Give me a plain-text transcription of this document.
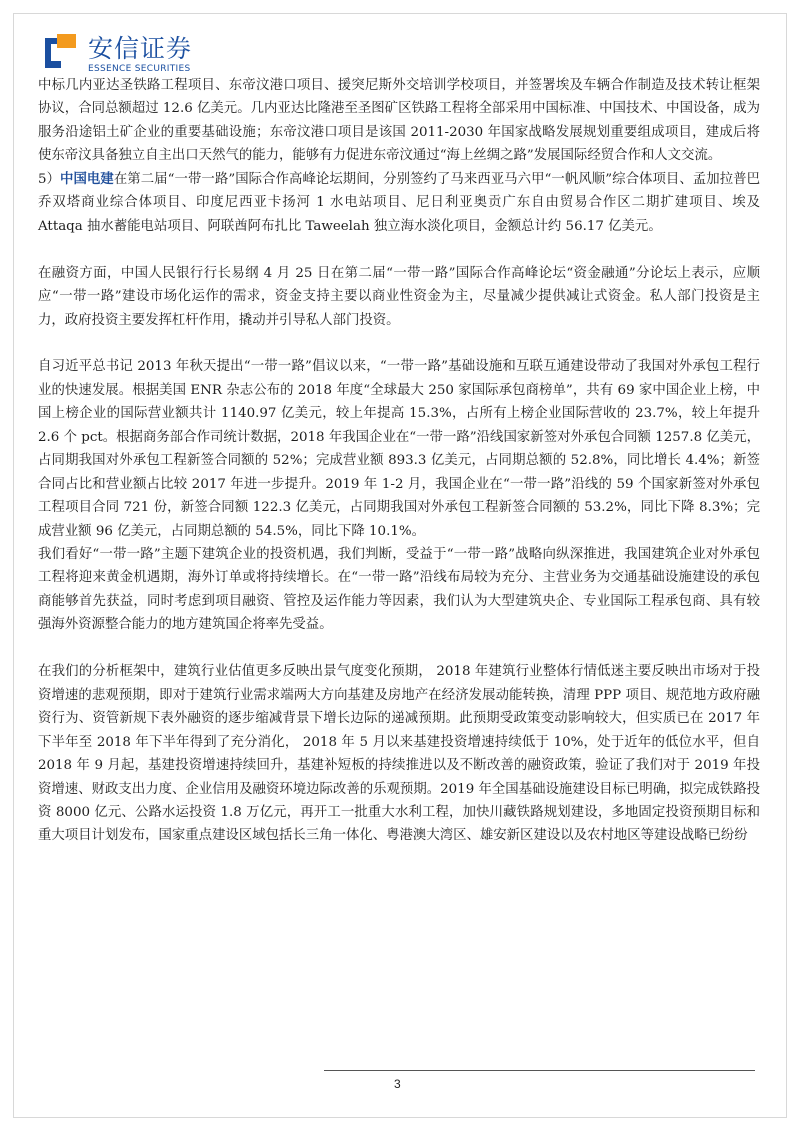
安信证券
ESSENCE SECURITIES

中标几内亚达圣铁路工程项目、东帝汶港口项目、援突尼斯外交培训学校项目，并签署埃及车辆合作制造及技术转让框架协议，合同总额超过 12.6 亿美元。几内亚达比隆港至圣图矿区铁路工程将全部采用中国标准、中国技术、中国设备，成为服务沿途铝土矿企业的重要基础设施；东帝汶港口项目是该国 2011-2030 年国家战略发展规划重要组成项目，建成后将使东帝汶具备独立自主出口天然气的能力，能够有力促进东帝汶通过“海上丝绸之路”发展国际经贸合作和人文交流。

5）中国电建在第二届“一带一路”国际合作高峰论坛期间，分别签约了马来西亚马六甲“一帆风顺”综合体项目、孟加拉普巴乔双塔商业综合体项目、印度尼西亚卡扬河 1 水电站项目、尼日利亚奥贡广东自由贸易合作区二期扩建项目、埃及 Attaqa 抽水蓄能电站项目、阿联酋阿布扎比 Taweelah 独立海水淡化项目，金额总计约 56.17 亿美元。

在融资方面，中国人民银行行长易纲 4 月 25 日在第二届“一带一路”国际合作高峰论坛“资金融通”分论坛上表示，应顺应“一带一路”建设市场化运作的需求，资金支持主要以商业性资金为主，尽量减少提供减让式资金。私人部门投资是主力，政府投资主要发挥杠杆作用，撬动并引导私人部门投资。

自习近平总书记 2013 年秋天提出“一带一路”倡议以来，“一带一路”基础设施和互联互通建设带动了我国对外承包工程行业的快速发展。根据美国 ENR 杂志公布的 2018 年度“全球最大 250 家国际承包商榜单”，共有 69 家中国企业上榜，中国上榜企业的国际营业额共计 1140.97 亿美元，较上年提高 15.3%，占所有上榜企业国际营收的 23.7%，较上年提升 2.6 个 pct。根据商务部合作司统计数据，2018 年我国企业在“一带一路”沿线国家新签对外承包合同额 1257.8 亿美元，占同期我国对外承包工程新签合同额的 52%；完成营业额 893.3 亿美元，占同期总额的 52.8%，同比增长 4.4%；新签合同占比和营业额占比较 2017 年进一步提升。2019 年 1-2 月，我国企业在“一带一路”沿线的 59 个国家新签对外承包工程项目合同 721 份，新签合同额 122.3 亿美元，占同期我国对外承包工程新签合同额的 53.2%，同比下降 8.3%；完成营业额 96 亿美元，占同期总额的 54.5%，同比下降 10.1%。

我们看好“一带一路”主题下建筑企业的投资机遇，我们判断，受益于“一带一路”战略向纵深推进，我国建筑企业对外承包工程将迎来黄金机遇期，海外订单或将持续增长。在“一带一路”沿线布局较为充分、主营业务为交通基础设施建设的承包商能够首先获益，同时考虑到项目融资、管控及运作能力等因素，我们认为大型建筑央企、专业国际工程承包商、具有较强海外资源整合能力的地方建筑国企将率先受益。

在我们的分析框架中，建筑行业估值更多反映出景气度变化预期， 2018 年建筑行业整体行情低迷主要反映出市场对于投资增速的悲观预期，即对于建筑行业需求端两大方向基建及房地产在经济发展动能转换，清理 PPP 项目、规范地方政府融资行为、资管新规下表外融资的逐步缩减背景下增长边际的递减预期。此预期受政策变动影响较大，但实质已在 2017 年下半年至 2018 年下半年得到了充分消化， 2018 年 5 月以来基建投资增速持续低于 10%，处于近年的低位水平，但自 2018 年 9 月起，基建投资增速持续回升，基建补短板的持续推进以及不断改善的融资政策，验证了我们对于 2019 年投资增速、财政支出力度、企业信用及融资环境边际改善的乐观预期。2019 年全国基础设施建设目标已明确，拟完成铁路投资 8000 亿元、公路水运投资 1.8 万亿元，再开工一批重大水利工程，加快川藏铁路规划建设，多地固定投资预期目标和重大项目计划发布，国家重点建设区域包括长三角一体化、粤港澳大湾区、雄安新区建设以及农村地区等建设战略已纷纷

3
